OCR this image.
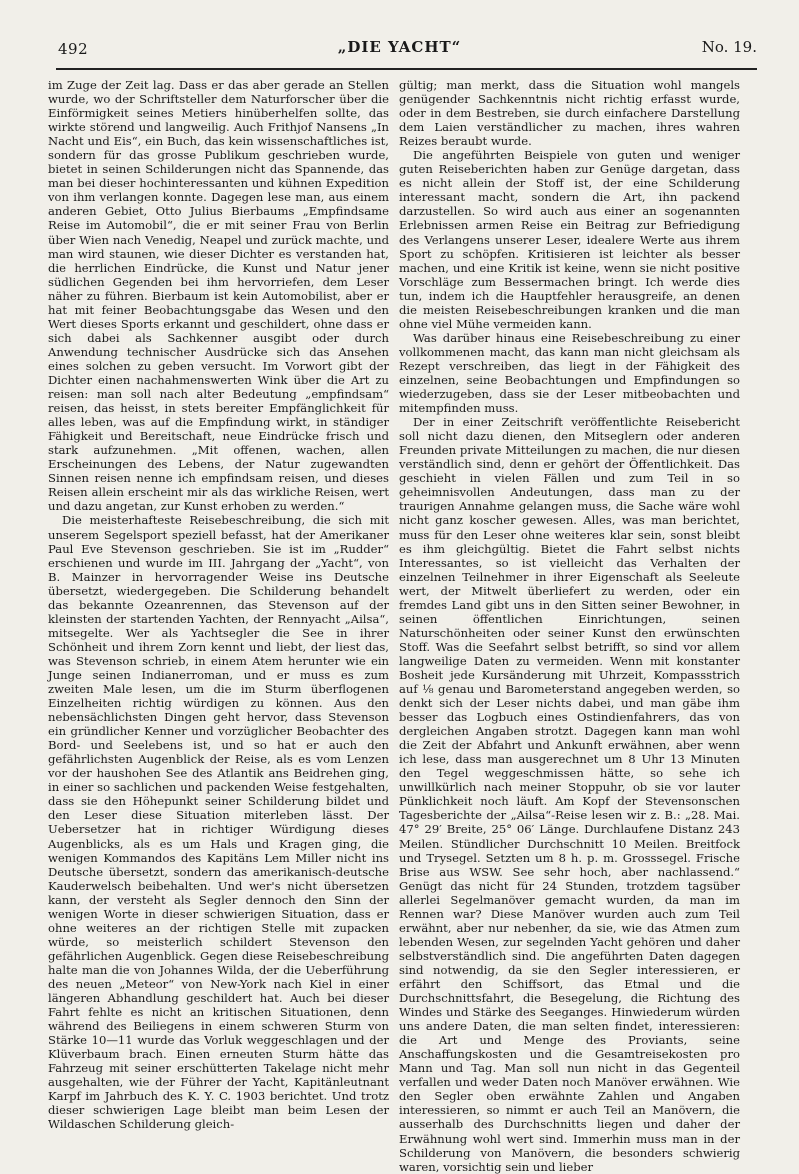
492	„DIE YACHT“	No. 19.

im Zuge der Zeit lag. Dass er das aber gerade an Stellen wurde, wo der Schriftsteller dem Naturforscher über die Einförmigkeit seines Metiers hinüberhelfen sollte, das wirkte störend und langweilig. Auch Frithjof Nansens „In Nacht und Eis“, ein Buch, das kein wissenschaftliches ist, sondern für das grosse Publikum geschrieben wurde, bietet in seinen Schilderungen nicht das Spannende, das man bei dieser hochinteressanten und kühnen Expedition von ihm verlangen konnte. Dagegen lese man, aus einem anderen Gebiet, Otto Julius Bierbaums „Empfindsame Reise im Automobil“, die er mit seiner Frau von Berlin über Wien nach Venedig, Neapel und zurück machte, und man wird staunen, wie dieser Dichter es verstanden hat, die herrlichen Eindrücke, die Kunst und Natur jener südlichen Gegenden bei ihm hervorriefen, dem Leser näher zu führen. Bierbaum ist kein Automobilist, aber er hat mit feiner Beobachtungsgabe das Wesen und den Wert dieses Sports erkannt und geschildert, ohne dass er sich dabei als Sachkenner ausgibt oder durch Anwendung technischer Ausdrücke sich das Ansehen eines solchen zu geben versucht. Im Vorwort gibt der Dichter einen nachahmenswerten Wink über die Art zu reisen: man soll nach alter Bedeutung „empfindsam“ reisen, das heisst, in stets bereiter Empfänglichkeit für alles leben, was auf die Empfindung wirkt, in ständiger Fähigkeit und Bereitschaft, neue Eindrücke frisch und stark aufzunehmen. „Mit offenen, wachen, allen Erscheinungen des Lebens, der Natur zugewandten Sinnen reisen nenne ich empfindsam reisen, und dieses Reisen allein erscheint mir als das wirkliche Reisen, wert und dazu angetan, zur Kunst erhoben zu werden.“

Die meisterhafteste Reisebeschreibung, die sich mit unserem Segelsport speziell befasst, hat der Amerikaner Paul Eve Stevenson geschrieben. Sie ist im „Rudder“ erschienen und wurde im III. Jahrgang der „Yacht“, von B. Mainzer in hervorragender Weise ins Deutsche übersetzt, wiedergegeben. Die Schilderung behandelt das bekannte Ozeanrennen, das Stevenson auf der kleinsten der startenden Yachten, der Rennyacht „Ailsa“, mitsegelte. Wer als Yachtsegler die See in ihrer Schönheit und ihrem Zorn kennt und liebt, der liest das, was Stevenson schrieb, in einem Atem herunter wie ein Junge seinen Indianerroman, und er muss es zum zweiten Male lesen, um die im Sturm überflogenen Einzelheiten richtig würdigen zu können. Aus den nebensächlichsten Dingen geht hervor, dass Stevenson ein gründlicher Kenner und vorzüglicher Beobachter des Bord- und Seelebens ist, und so hat er auch den gefährlichsten Augenblick der Reise, als es vom Lenzen vor der haushohen See des Atlantik ans Beidrehen ging, in einer so sachlichen und packenden Weise festgehalten, dass sie den Höhepunkt seiner Schilderung bildet und den Leser diese Situation miterleben lässt. Der Uebersetzer hat in richtiger Würdigung dieses Augenblicks, als es um Hals und Kragen ging, die wenigen Kommandos des Kapitäns Lem Miller nicht ins Deutsche übersetzt, sondern das amerikanisch-deutsche Kauderwelsch beibehalten. Und wer's nicht übersetzen kann, der versteht als Segler dennoch den Sinn der wenigen Worte in dieser schwierigen Situation, dass er ohne weiteres an der richtigen Stelle mit zupacken würde, so meisterlich schildert Stevenson den gefährlichen Augenblick. Gegen diese Reisebeschreibung halte man die von Johannes Wilda, der die Ueberführung des neuen „Meteor“ von New-York nach Kiel in einer längeren Abhandlung geschildert hat. Auch bei dieser Fahrt fehlte es nicht an kritischen Situationen, denn während des Beiliegens in einem schweren Sturm von Stärke 10—11 wurde das Vorluk weggeschlagen und der Klüverbaum brach. Einen erneuten Sturm hätte das Fahrzeug mit seiner erschütterten Takelage nicht mehr ausgehalten, wie der Führer der Yacht, Kapitänleutnant Karpf im Jahrbuch des K. Y. C. 1903 berichtet. Und trotz dieser schwierigen Lage bleibt man beim Lesen der Wildaschen Schilderung gleich-

gültig; man merkt, dass die Situation wohl mangels genügender Sachkenntnis nicht richtig erfasst wurde, oder in dem Bestreben, sie durch einfachere Darstellung dem Laien verständlicher zu machen, ihres wahren Reizes beraubt wurde.

Die angeführten Beispiele von guten und weniger guten Reiseberichten haben zur Genüge dargetan, dass es nicht allein der Stoff ist, der eine Schilderung interessant macht, sondern die Art, ihn packend darzustellen. So wird auch aus einer an sogenannten Erlebnissen armen Reise ein Beitrag zur Befriedigung des Verlangens unserer Leser, idealere Werte aus ihrem Sport zu schöpfen. Kritisieren ist leichter als besser machen, und eine Kritik ist keine, wenn sie nicht positive Vorschläge zum Bessermachen bringt. Ich werde dies tun, indem ich die Hauptfehler herausgreife, an denen die meisten Reisebeschreibungen kranken und die man ohne viel Mühe vermeiden kann.

Was darüber hinaus eine Reisebeschreibung zu einer vollkommenen macht, das kann man nicht gleichsam als Rezept verschreiben, das liegt in der Fähigkeit des einzelnen, seine Beobachtungen und Empfindungen so wiederzugeben, dass sie der Leser mitbeobachten und mitempfinden muss.

Der in einer Zeitschrift veröffentlichte Reisebericht soll nicht dazu dienen, den Mitseglern oder anderen Freunden private Mitteilungen zu machen, die nur diesen verständlich sind, denn er gehört der Öffentlichkeit. Das geschieht in vielen Fällen und zum Teil in so geheimnisvollen Andeutungen, dass man zu der traurigen Annahme gelangen muss, die Sache wäre wohl nicht ganz koscher gewesen. Alles, was man berichtet, muss für den Leser ohne weiteres klar sein, sonst bleibt es ihm gleichgültig. Bietet die Fahrt selbst nichts Interessantes, so ist vielleicht das Verhalten der einzelnen Teilnehmer in ihrer Eigenschaft als Seeleute wert, der Mitwelt überliefert zu werden, oder ein fremdes Land gibt uns in den Sitten seiner Bewohner, in seinen öffentlichen Einrichtungen, seinen Naturschönheiten oder seiner Kunst den erwünschten Stoff. Was die Seefahrt selbst betrifft, so sind vor allem langweilige Daten zu vermeiden. Wenn mit konstanter Bosheit jede Kursänderung mit Uhrzeit, Kompassstrich auf ⅛ genau und Barometerstand angegeben werden, so denkt sich der Leser nichts dabei, und man gäbe ihm besser das Logbuch eines Ostindienfahrers, das von dergleichen Angaben strotzt. Dagegen kann man wohl die Zeit der Abfahrt und Ankunft erwähnen, aber wenn ich lese, dass man ausgerechnet um 8 Uhr 13 Minuten den Tegel weggeschmissen hätte, so sehe ich unwillkürlich nach meiner Stoppuhr, ob sie vor lauter Pünklichkeit noch läuft. Am Kopf der Stevensonschen Tagesberichte der „Ailsa“-Reise lesen wir z. B.: „28. Mai. 47° 29′ Breite, 25° 06′ Länge. Durchlaufene Distanz 243 Meilen. Stündlicher Durchschnitt 10 Meilen. Breitfock und Trysegel. Setzten um 8 h. p. m. Grosssegel. Frische Brise aus WSW. See sehr hoch, aber nachlassend.“ Genügt das nicht für 24 Stunden, trotzdem tagsüber allerlei Segelmanöver gemacht wurden, da man im Rennen war? Diese Manöver wurden auch zum Teil erwähnt, aber nur nebenher, da sie, wie das Atmen zum lebenden Wesen, zur segelnden Yacht gehören und daher selbstverständlich sind. Die angeführten Daten dagegen sind notwendig, da sie den Segler interessieren, er erfährt den Schiffsort, das Etmal und die Durchschnittsfahrt, die Besegelung, die Richtung des Windes und Stärke des Seeganges. Hinwiederum würden uns andere Daten, die man selten findet, interessieren: die Art und Menge des Proviants, seine Anschaffungskosten und die Gesamtreisekosten pro Mann und Tag. Man soll nun nicht in das Gegenteil verfallen und weder Daten noch Manöver erwähnen. Wie den Segler oben erwähnte Zahlen und Angaben interessieren, so nimmt er auch Teil an Manövern, die ausserhalb des Durchschnitts liegen und daher der Erwähnung wohl wert sind. Immerhin muss man in der Schilderung von Manövern, die besonders schwierig waren, vorsichtig sein und lieber
